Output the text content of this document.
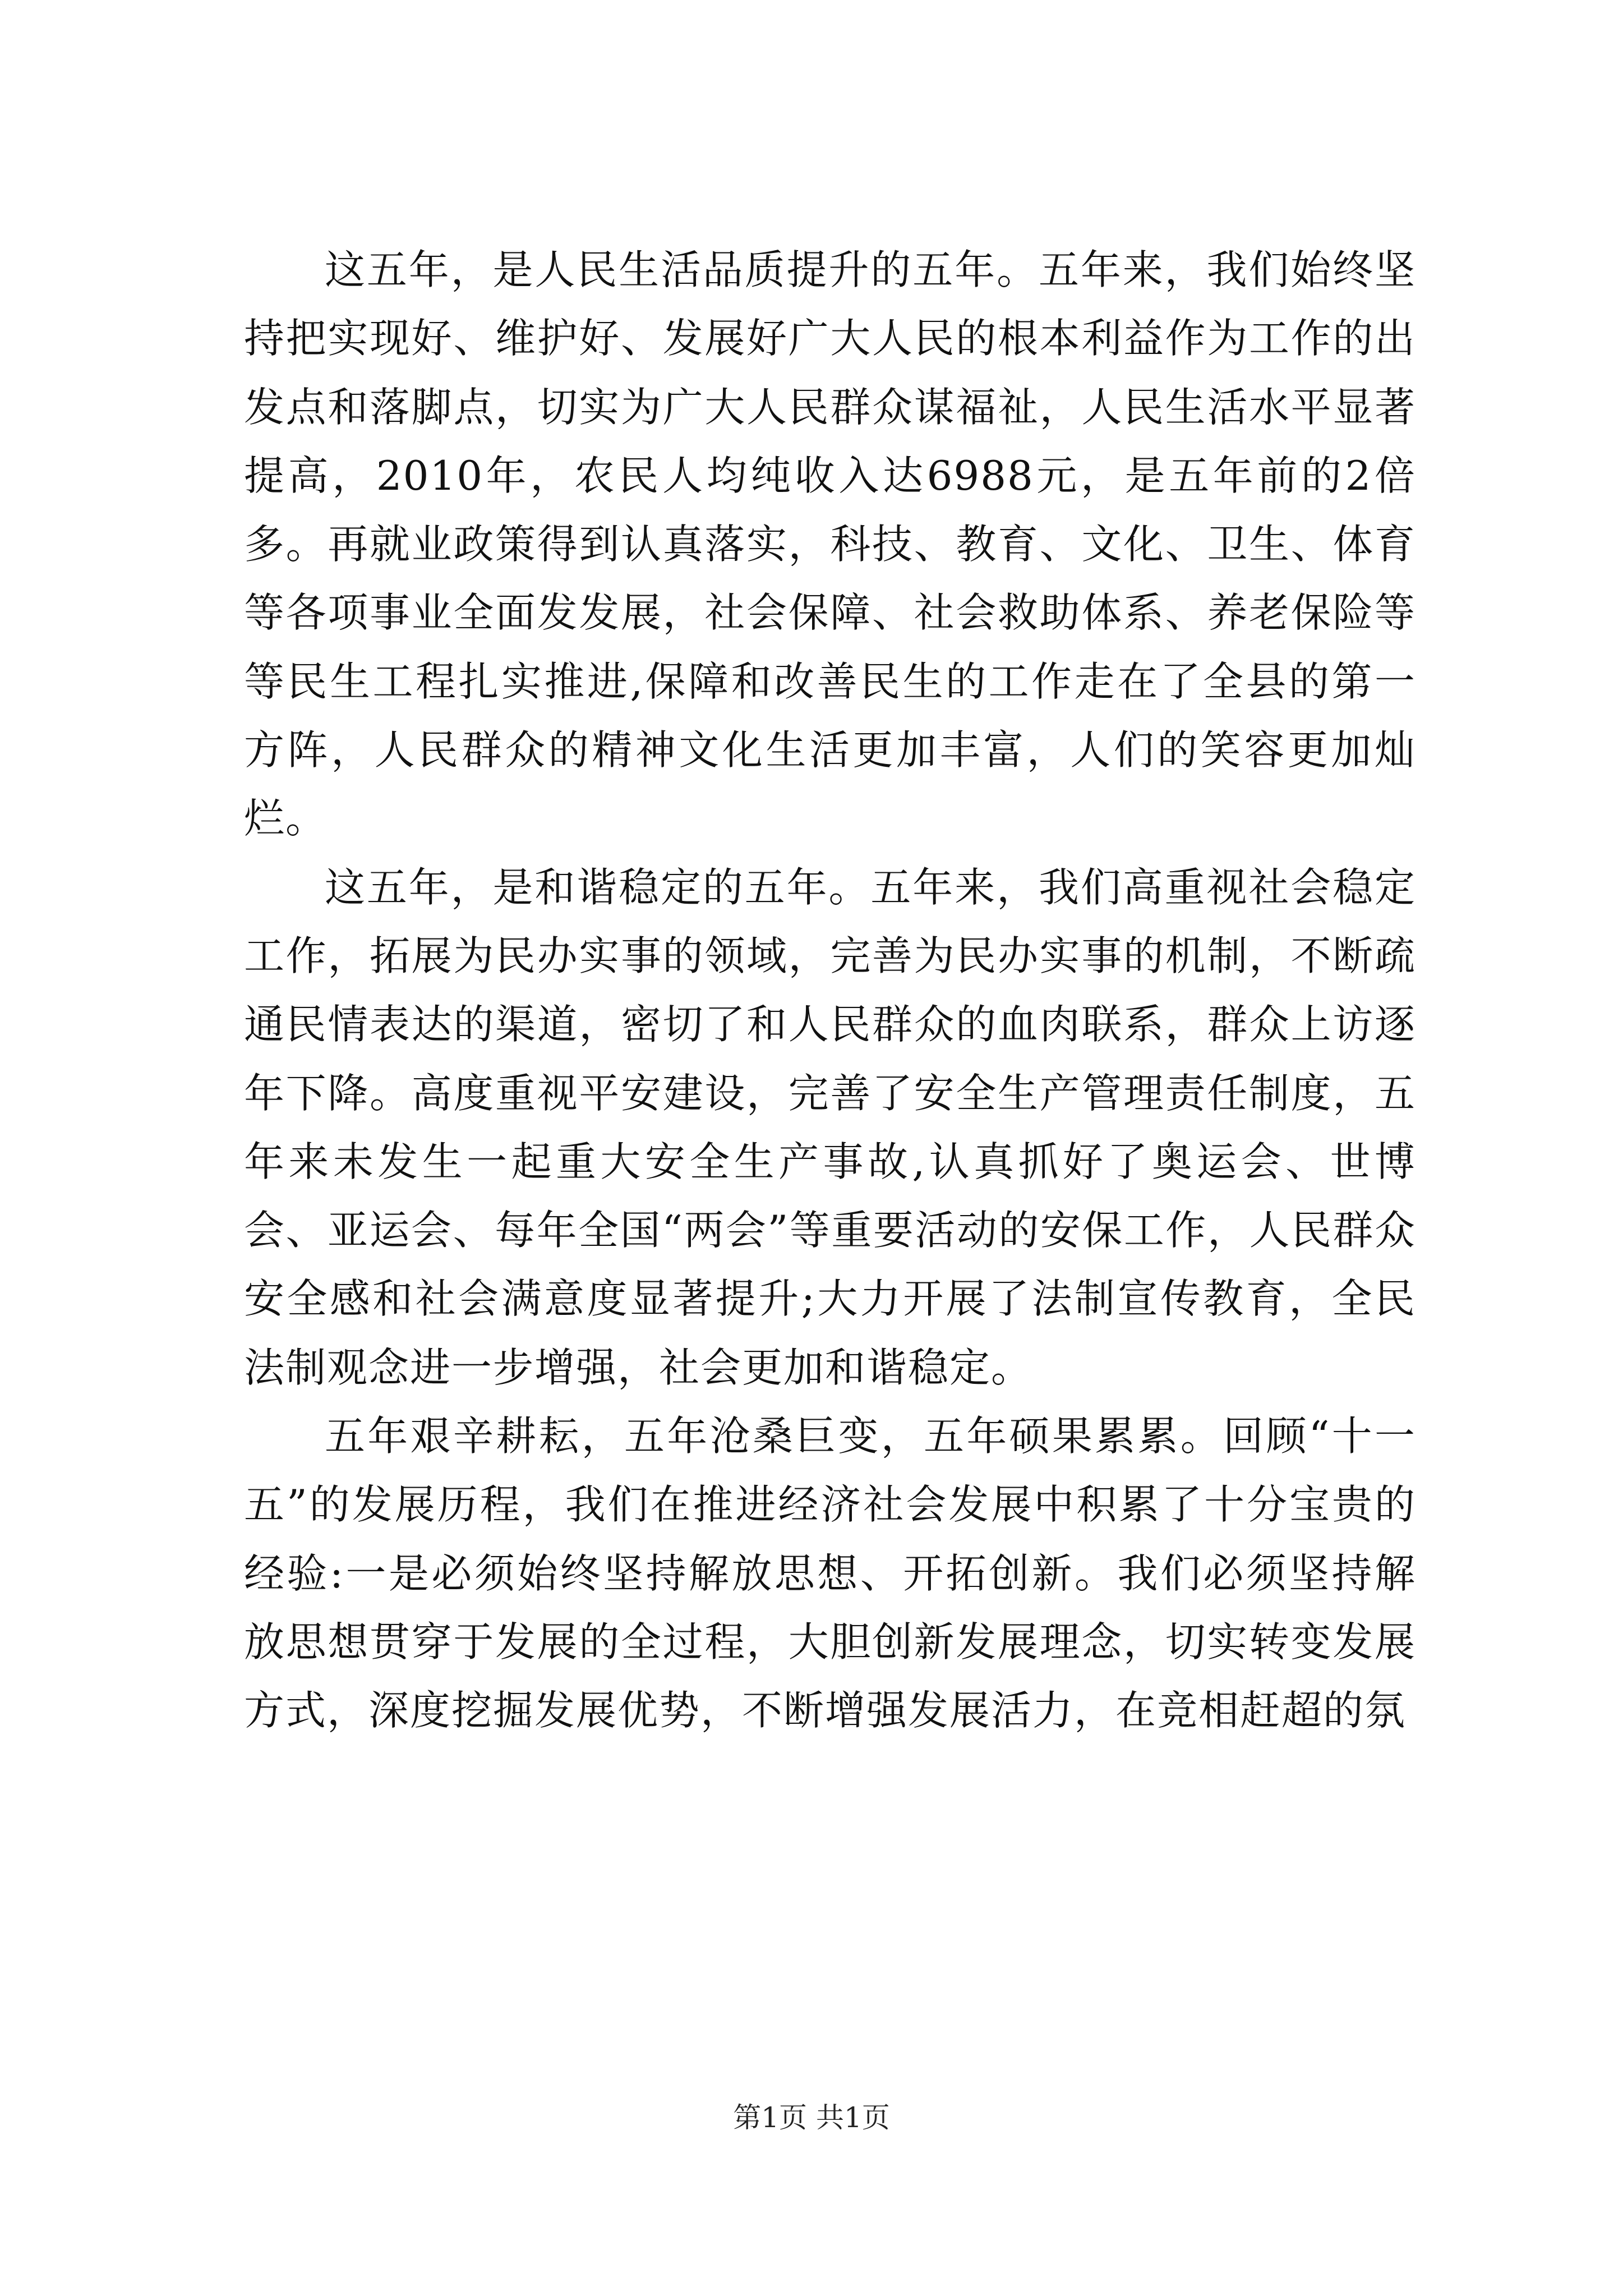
这五年，是人民生活品质提升的五年。五年来，我们始终坚持把实现好、维护好、发展好广大人民的根本利益作为工作的出发点和落脚点，切实为广大人民群众谋福祉，人民生活水平显著提高，2010年，农民人均纯收入达6988元，是五年前的2倍多。再就业政策得到认真落实，科技、教育、文化、卫生、体育等各项事业全面发发展，社会保障、社会救助体系、养老保险等等民生工程扎实推进,保障和改善民生的工作走在了全县的第一方阵，人民群众的精神文化生活更加丰富，人们的笑容更加灿烂。

这五年，是和谐稳定的五年。五年来，我们高重视社会稳定工作，拓展为民办实事的领域，完善为民办实事的机制，不断疏通民情表达的渠道，密切了和人民群众的血肉联系，群众上访逐年下降。高度重视平安建设，完善了安全生产管理责任制度，五年来未发生一起重大安全生产事故,认真抓好了奥运会、世博会、亚运会、每年全国“两会”等重要活动的安保工作，人民群众安全感和社会满意度显著提升;大力开展了法制宣传教育，全民法制观念进一步增强，社会更加和谐稳定。

五年艰辛耕耘，五年沧桑巨变，五年硕果累累。回顾“十一五”的发展历程，我们在推进经济社会发展中积累了十分宝贵的经验:一是必须始终坚持解放思想、开拓创新。我们必须坚持解放思想贯穿于发展的全过程，大胆创新发展理念，切实转变发展方式，深度挖掘发展优势，不断增强发展活力，在竞相赶超的氛

第1页 共1页
